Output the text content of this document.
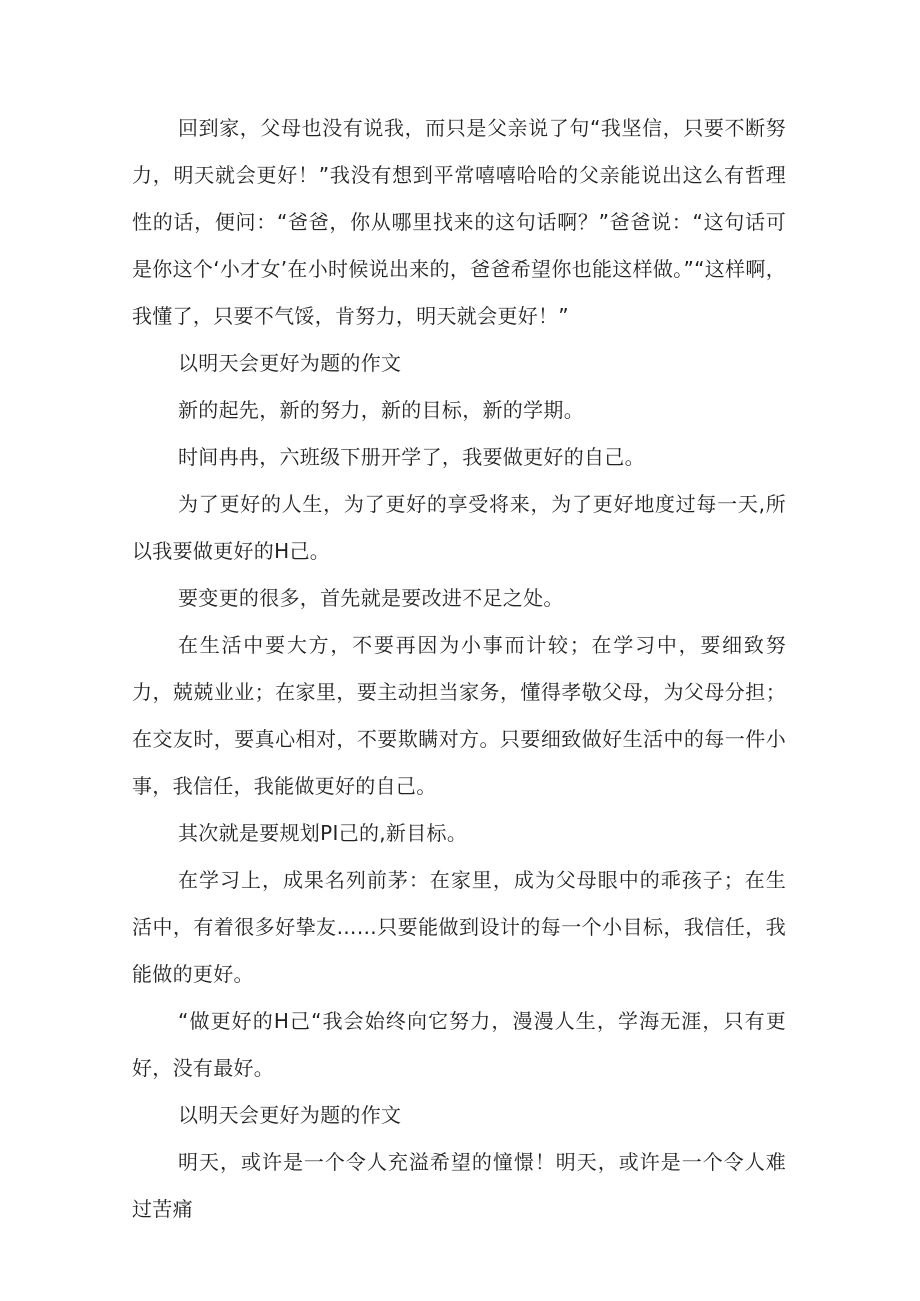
回到家，父母也没有说我，而只是父亲说了句“我坚信，只要不断努力，明天就会更好！”我没有想到平常嘻嘻哈哈的父亲能说出这么有哲理性的话，便问：“爸爸，你从哪里找来的这句话啊？”爸爸说：“这句话可是你这个‘小才女’在小时候说出来的，爸爸希望你也能这样做。”“这样啊，我懂了，只要不气馁，肯努力，明天就会更好！”

以明天会更好为题的作文

新的起先，新的努力，新的目标，新的学期。

时间冉冉，六班级下册开学了，我要做更好的自己。

为了更好的人生，为了更好的享受将来，为了更好地度过每一天,所以我要做更好的H己。

要变更的很多，首先就是要改进不足之处。

在生活中要大方，不要再因为小事而计较；在学习中，要细致努力，兢兢业业；在家里，要主动担当家务，懂得孝敬父母，为父母分担；在交友时，要真心相对，不要欺瞒对方。只要细致做好生活中的每一件小事，我信任，我能做更好的自己。

其次就是要规划PI己的,新目标。

在学习上，成果名列前茅：在家里，成为父母眼中的乖孩子；在生活中，有着很多好挚友……只要能做到设计的每一个小目标，我信任，我能做的更好。

“做更好的H己“我会始终向它努力，漫漫人生，学海无涯，只有更好，没有最好。

以明天会更好为题的作文

明天，或许是一个令人充溢希望的憧憬！明天，或许是一个令人难过苦痛
